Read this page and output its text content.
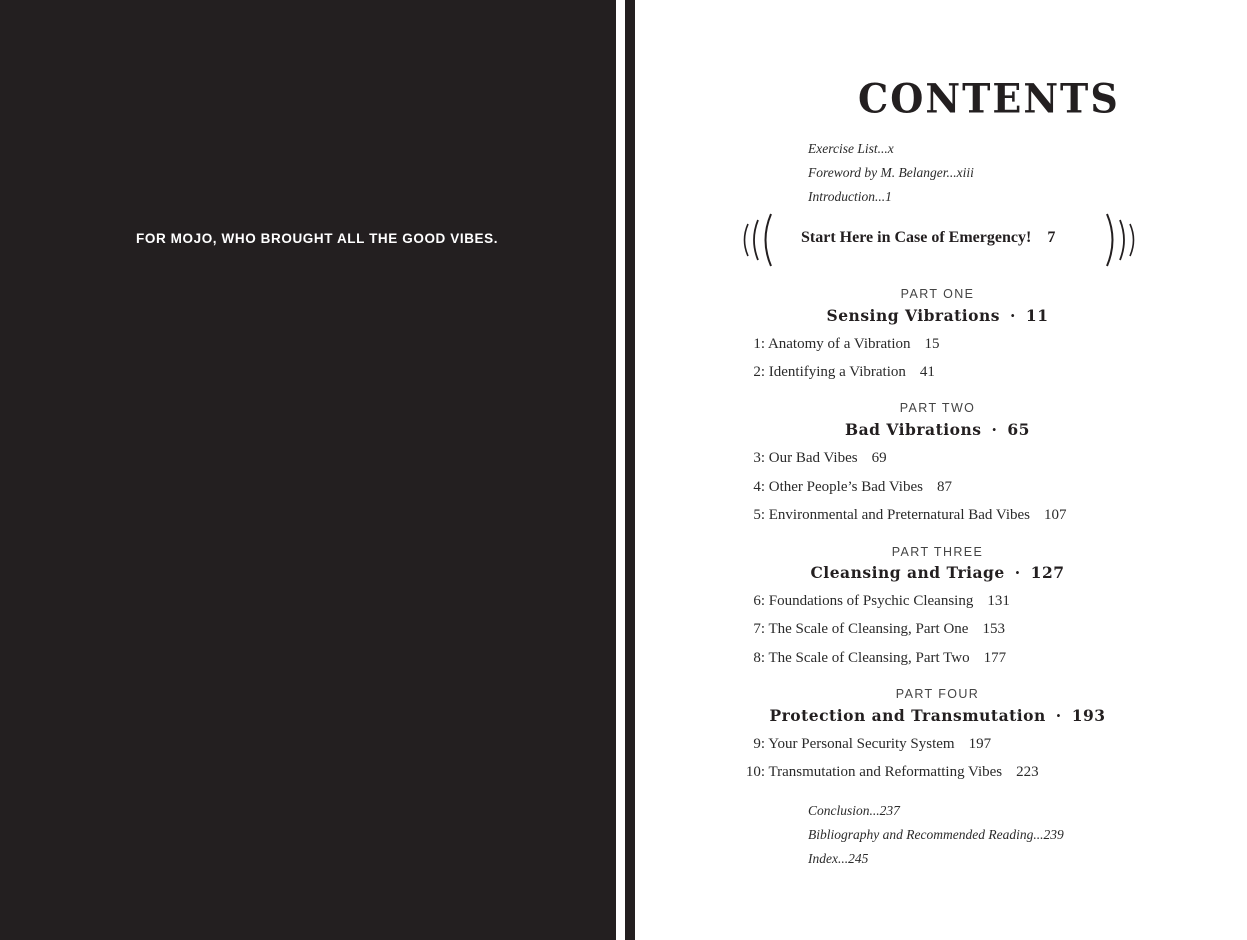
FOR MOJO, WHO BROUGHT ALL THE GOOD VIBES.
CONTENTS
Exercise List...x
Foreword by M. Belanger...xiii
Introduction...1
Start Here in Case of Emergency! 7
PART ONE
Sensing Vibrations · 11
1: Anatomy of a Vibration 15
2: Identifying a Vibration 41
PART TWO
Bad Vibrations · 65
3: Our Bad Vibes 69
4: Other People’s Bad Vibes 87
5: Environmental and Preternatural Bad Vibes 107
PART THREE
Cleansing and Triage · 127
6: Foundations of Psychic Cleansing 131
7: The Scale of Cleansing, Part One 153
8: The Scale of Cleansing, Part Two 177
PART FOUR
Protection and Transmutation · 193
9: Your Personal Security System 197
10: Transmutation and Reformatting Vibes 223
Conclusion...237
Bibliography and Recommended Reading...239
Index...245
